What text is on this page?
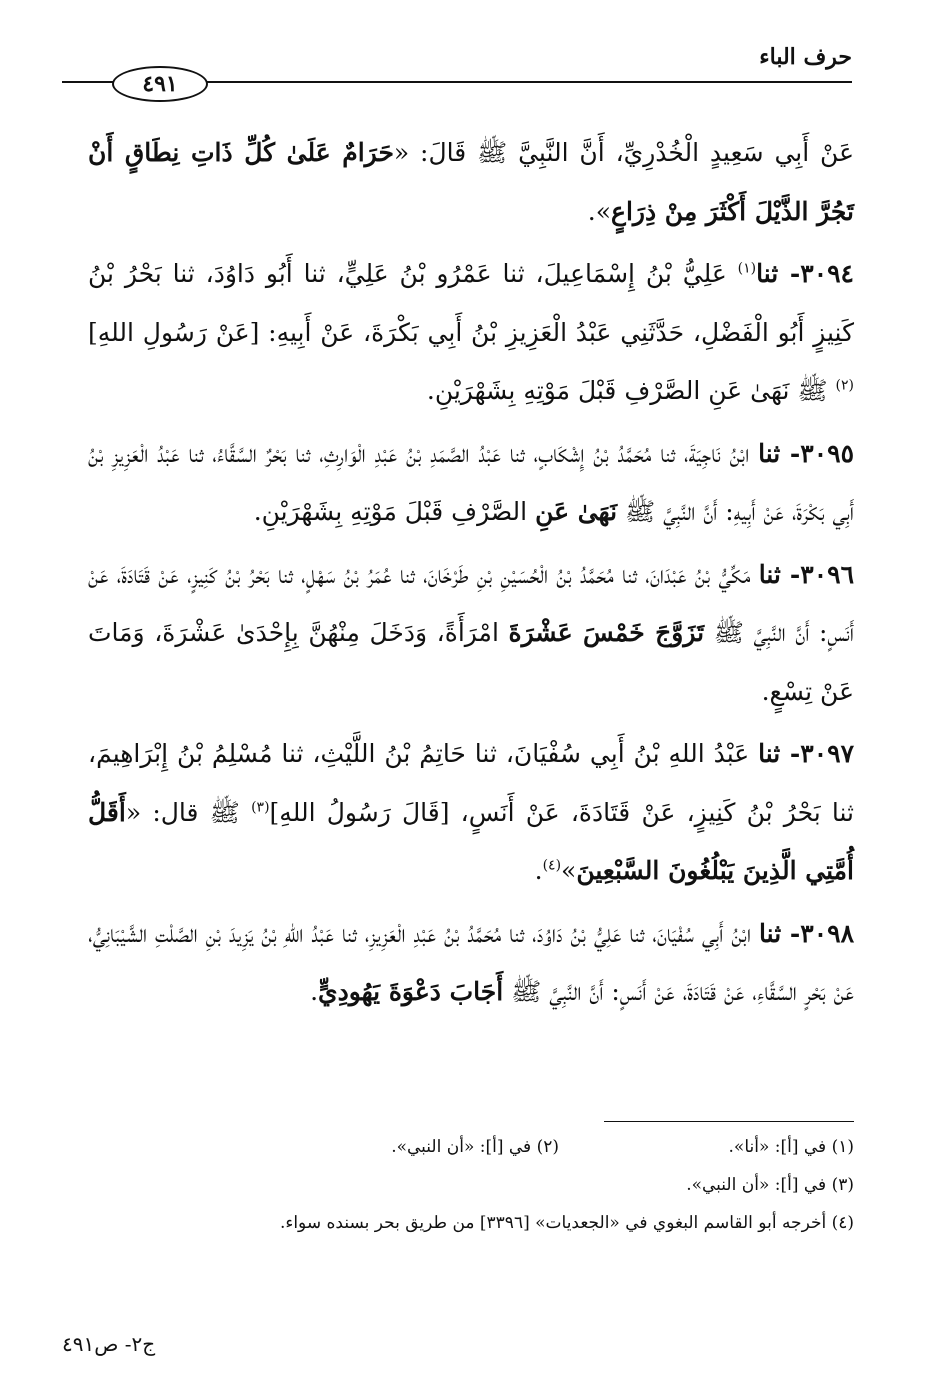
حرف الباء
٤٩١

عَنْ أَبِي سَعِيدٍ الْخُدْرِيِّ، أَنَّ النَّبِيَّ ﷺ قَالَ: «حَرَامٌ عَلَىٰ كُلِّ ذَاتِ نِطَاقٍ أَنْ تَجُرَّ الذَّيْلَ أَكْثَرَ مِنْ ذِرَاعٍ».

٣٠٩٤- ثنا$^{(١)}$ عَلِيُّ بْنُ إِسْمَاعِيلَ، ثنا عَمْرُو بْنُ عَلِيٍّ، ثنا أَبُو دَاوُدَ، ثنا بَحْرُ بْنُ كَنِيزٍ أَبُو الْفَضْلِ، حَدَّثَنِي عَبْدُ الْعَزِيزِ بْنُ أَبِي بَكْرَةَ، عَنْ أَبِيهِ: [عَنْ رَسُولِ اللهِ]$^{(٢)}$ ﷺ نَهَىٰ عَنِ الصَّرْفِ قَبْلَ مَوْتِهِ بِشَهْرَيْنِ.

٣٠٩٥- ثنا ابْنُ نَاجِيَةَ، ثنا مُحَمَّدُ بْنُ إِشْكَابٍ، ثنا عَبْدُ الصَّمَدِ بْنُ عَبْدِ الْوَارِثِ، ثنا بَحْرٌ السَّقَّاءُ، ثنا عَبْدُ الْعَزِيزِ بْنُ أَبِي بَكْرَةَ، عَنْ أَبِيهِ: أَنَّ النَّبِيَّ ﷺ نَهَىٰ عَنِ الصَّرْفِ قَبْلَ مَوْتِهِ بِشَهْرَيْنِ.

٣٠٩٦- ثنا مَكِّيُّ بْنُ عَبْدَانَ، ثنا مُحَمَّدُ بْنُ الْحُسَيْنِ بْنِ طَرْخَانَ، ثنا عُمَرُ بْنُ سَهْلٍ، ثنا بَحْرُ بْنُ كَنِيزٍ، عَنْ قَتَادَةَ، عَنْ أَنَسٍ: أَنَّ النَّبِيَّ ﷺ تَزَوَّجَ خَمْسَ عَشْرَةَ امْرَأَةً، وَدَخَلَ مِنْهُنَّ بِإِحْدَىٰ عَشْرَةَ، وَمَاتَ عَنْ تِسْعٍ.

٣٠٩٧- ثنا عَبْدُ اللهِ بْنُ أَبِي سُفْيَانَ، ثنا حَاتِمُ بْنُ اللَّيْثِ، ثنا مُسْلِمُ بْنُ إِبْرَاهِيمَ، ثنا بَحْرُ بْنُ كَنِيزٍ، عَنْ قَتَادَةَ، عَنْ أَنَسٍ، [قَالَ رَسُولُ اللهِ]$^{(٣)}$ ﷺ قال: «أَقَلُّ أُمَّتِي الَّذِينَ يَبْلُغُونَ السَّبْعِينَ»$^{(٤)}$.

٣٠٩٨- ثنا ابْنُ أَبِي سُفْيَانَ، ثنا عَلِيُّ بْنُ دَاوُدَ، ثنا مُحَمَّدُ بْنُ عَبْدِ الْعَزِيزِ، ثنا عَبْدُ اللهِ بْنُ يَزِيدَ بْنِ الصَّلْتِ الشَّيْبَانِيُّ، عَنْ بَحْرٍ السَّقَّاءِ، عَنْ قَتَادَةَ، عَنْ أَنَسٍ: أَنَّ النَّبِيَّ ﷺ أَجَابَ دَعْوَةَ يَهُودِيٍّ.

(١) في [أ]: «أنا».
(٢) في [أ]: «أن النبي».
(٣) في [أ]: «أن النبي».
(٤) أخرجه أبو القاسم البغوي في «الجعديات» [٣٣٩٦] من طريق بحر بسنده سواء.
ج٢- ص٤٩١
